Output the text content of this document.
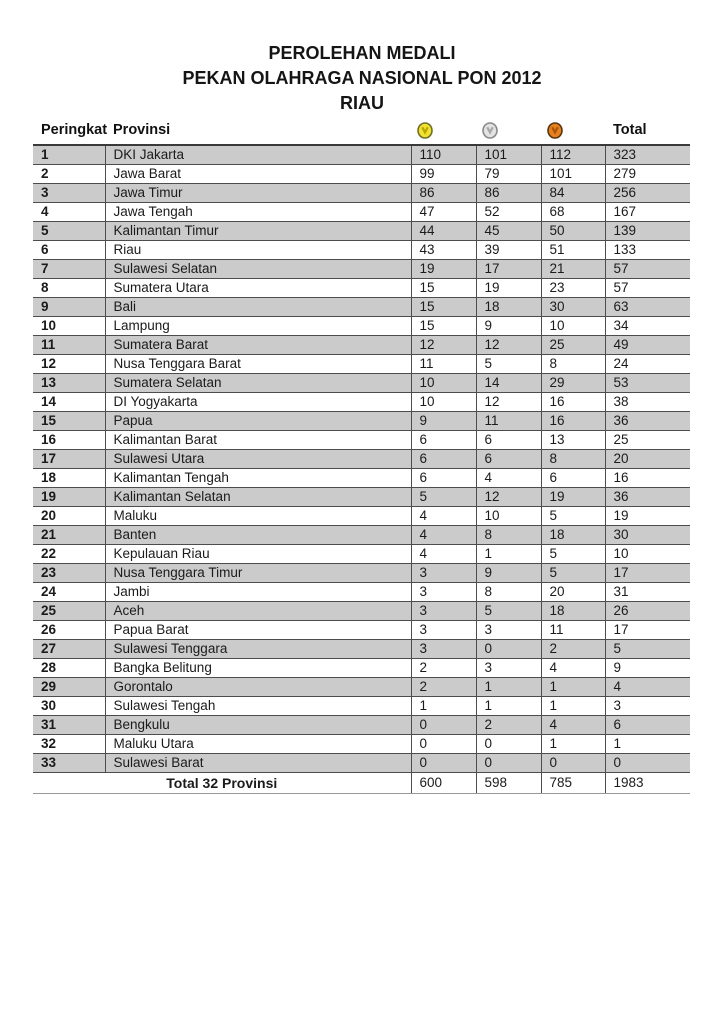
PEROLEHAN MEDALI
PEKAN OLAHRAGA NASIONAL PON 2012
RIAU
Peringkat	Provinsi				Total
1	DKI Jakarta	110	101	112	323
2	Jawa Barat	99	79	101	279
3	Jawa Timur	86	86	84	256
4	Jawa Tengah	47	52	68	167
5	Kalimantan Timur	44	45	50	139
6	Riau	43	39	51	133
7	Sulawesi Selatan	19	17	21	57
8	Sumatera Utara	15	19	23	57
9	Bali	15	18	30	63
10	Lampung	15	9	10	34
11	Sumatera Barat	12	12	25	49
12	Nusa Tenggara Barat	11	5	8	24
13	Sumatera Selatan	10	14	29	53
14	DI Yogyakarta	10	12	16	38
15	Papua	9	11	16	36
16	Kalimantan Barat	6	6	13	25
17	Sulawesi Utara	6	6	8	20
18	Kalimantan Tengah	6	4	6	16
19	Kalimantan Selatan	5	12	19	36
20	Maluku	4	10	5	19
21	Banten	4	8	18	30
22	Kepulauan Riau	4	1	5	10
23	Nusa Tenggara Timur	3	9	5	17
24	Jambi	3	8	20	31
25	Aceh	3	5	18	26
26	Papua Barat	3	3	11	17
27	Sulawesi Tenggara	3	0	2	5
28	Bangka Belitung	2	3	4	9
29	Gorontalo	2	1	1	4
30	Sulawesi Tengah	1	1	1	3
31	Bengkulu	0	2	4	6
32	Maluku Utara	0	0	1	1
33	Sulawesi Barat	0	0	0	0
Total 32 Provinsi		600	598	785	1983
